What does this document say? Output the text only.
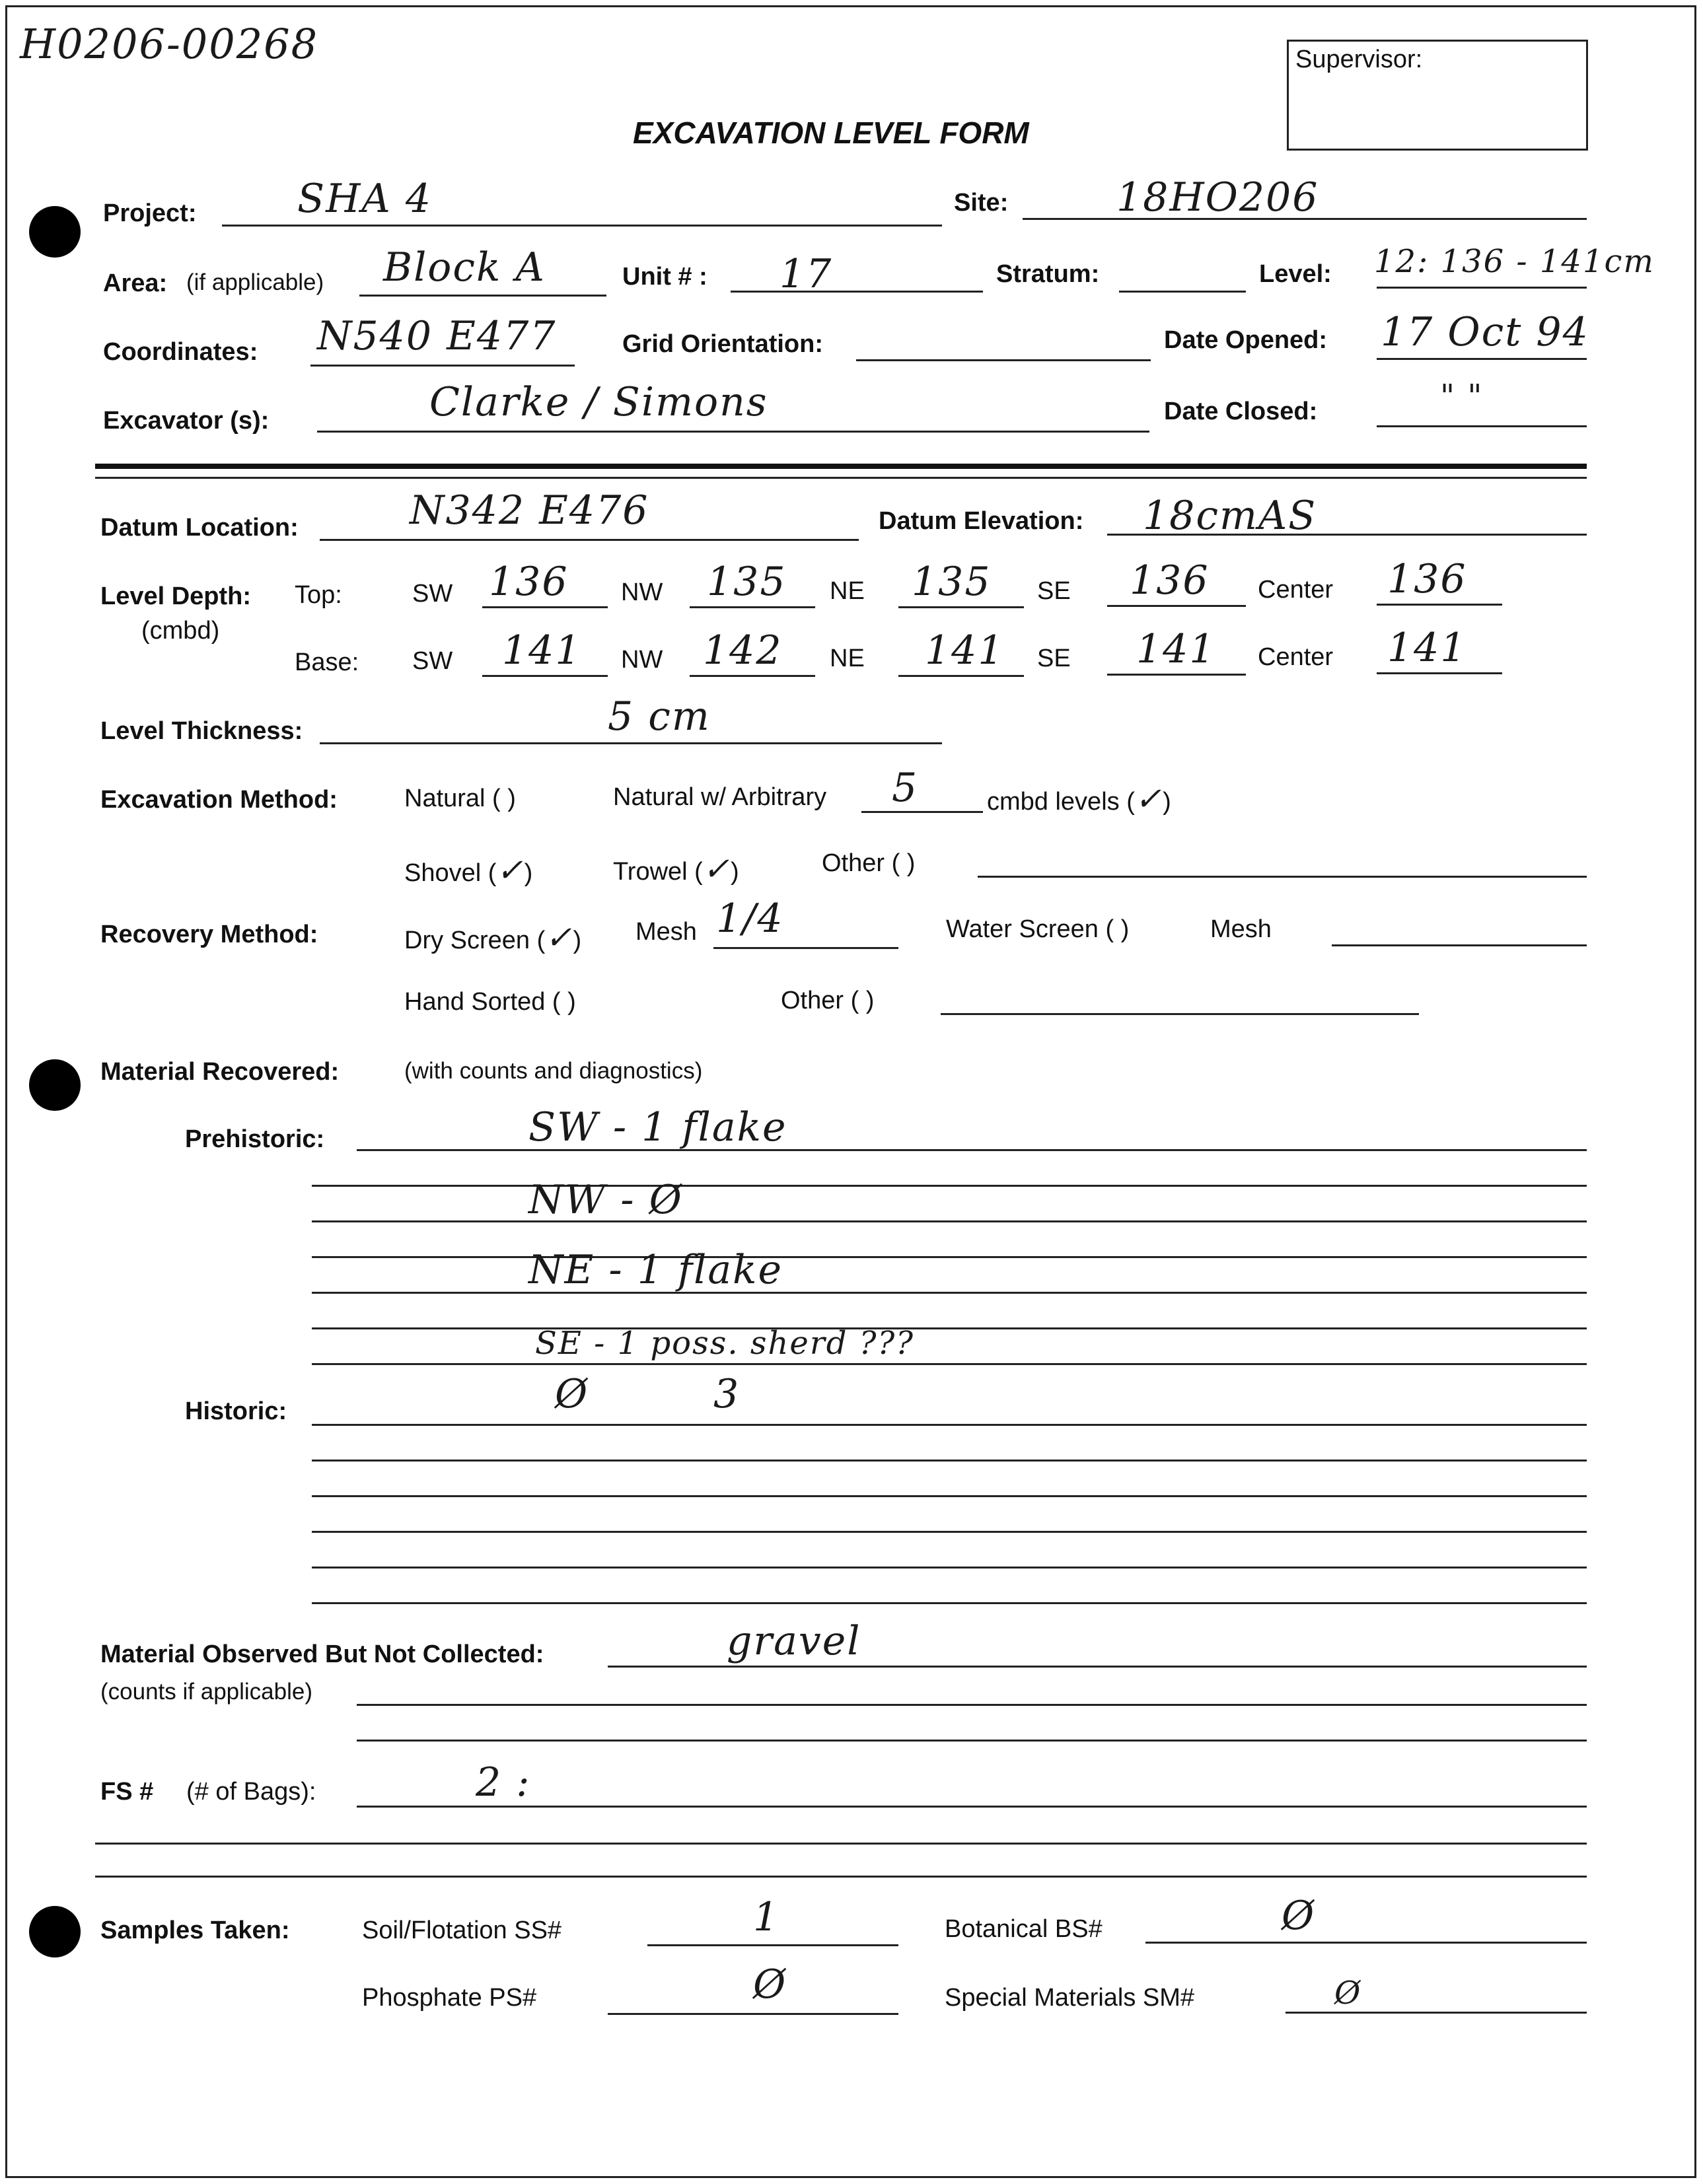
H0206-00268	Supervisor:
EXCAVATION LEVEL FORM
Project:	SHA 4	Site:	18HO206
Area: (if applicable) Block A	Unit # : 17	Stratum:	Level: 12: 136 - 141cm
Coordinates: N540 E477	Grid Orientation:	Date Opened: 17 Oct 94
Excavator (s):	Clarke / Simons	Date Closed:	" "
Datum Location:	N342 E476	Datum Elevation: 18cmAS
Level Depth:
(cmbd)
Top:	SW 136 NW 135 NE 135 SE 136 Center 136
Base: SW 141 NW 142 NE 141 SE 141 Center 141
Level Thickness:	5 cm
Excavation Method:	Natural ( )	Natural w/ Arbitrary 5	cmbd levels (✓)
Shovel (✓)	Trowel (✓)	Other ( )
Recovery Method:	Dry Screen (✓) Mesh 1/4	Water Screen ( )	Mesh
Hand Sorted ( )	Other ( )
Material Recovered:	(with counts and diagnostics)
Prehistoric:	SW - 1 flake
NW - Ø
NE - 1 flake
SE - 1 poss. sherd ???
Historic:	Ø	3
Material Observed But Not Collected:
(counts if applicable)
gravel
FS # (# of Bags):	2 :
Samples Taken:	Soil/Flotation SS#	1	Botanical BS#	Ø
Phosphate PS#	Ø	Special Materials SM#	Ø
